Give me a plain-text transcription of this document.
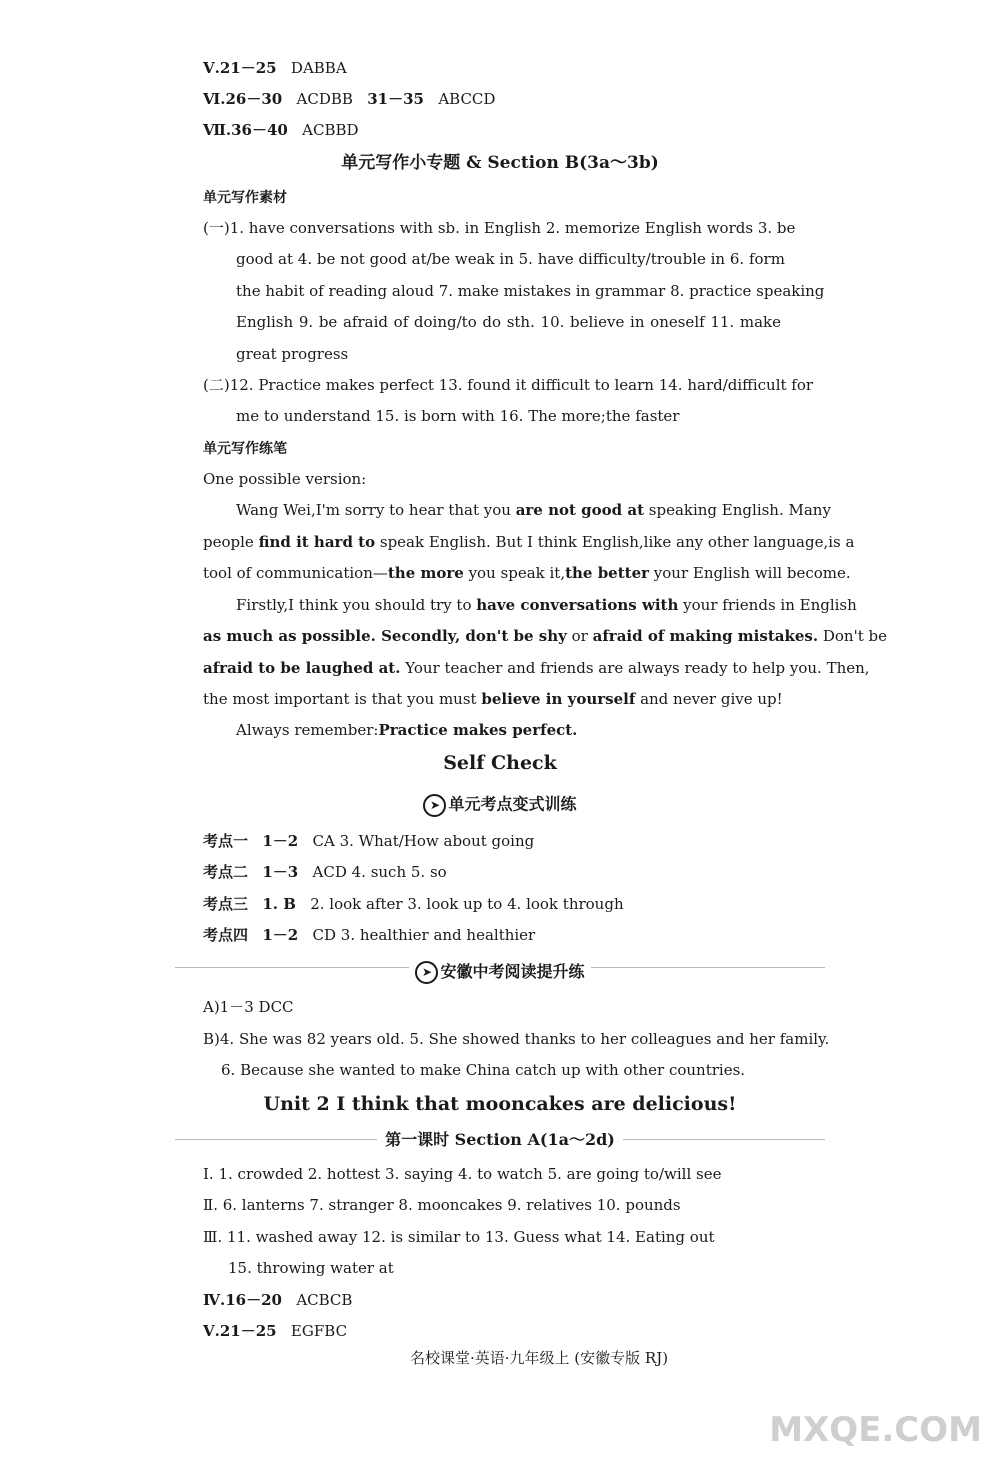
Ⅴ.21－25 DABBA
Ⅵ.26－30 ACDBB 31－35 ABCCD
Ⅶ.36－40 ACBBD
单元写作小专题 & Section B(3a～3b)
单元写作素材
(一)1. have conversations with sb. in English 2. memorize English words 3. be
good at 4. be not good at/be weak in 5. have difficulty/trouble in 6. form
the habit of reading aloud 7. make mistakes in grammar 8. practice speaking
English 9. be afraid of doing/to do sth. 10. believe in oneself 11. make
great progress
(二)12. Practice makes perfect 13. found it difficult to learn 14. hard/difficult for
me to understand 15. is born with 16. The more;the faster
单元写作练笔
One possible version:
Wang Wei,I'm sorry to hear that you are not good at speaking English. Many
people find it hard to speak English. But I think English,like any other language,is a
tool of communication—the more you speak it,the better your English will become.
Firstly,I think you should try to have conversations with your friends in English
as much as possible. Secondly, don't be shy or afraid of making mistakes. Don't be
afraid to be laughed at. Your teacher and friends are always ready to help you. Then,
the most important is that you must believe in yourself and never give up!
Always remember:Practice makes perfect.
Self Check
➤ 单元考点变式训练
考点一 1－2 CA 3. What/How about going
考点二 1－3 ACD 4. such 5. so
考点三 1. B 2. look after 3. look up to 4. look through
考点四 1－2 CD 3. healthier and healthier
➤ 安徽中考阅读提升练
A)1－3 DCC
B)4. She was 82 years old. 5. She showed thanks to her colleagues and her family.
6. Because she wanted to make China catch up with other countries.
Unit 2 I think that mooncakes are delicious!
第一课时 Section A(1a～2d)
Ⅰ. 1. crowded 2. hottest 3. saying 4. to watch 5. are going to/will see
Ⅱ. 6. lanterns 7. stranger 8. mooncakes 9. relatives 10. pounds
Ⅲ. 11. washed away 12. is similar to 13. Guess what 14. Eating out
15. throwing water at
Ⅳ.16－20 ACBCB
Ⅴ.21－25 EGFBC
名校课堂·英语·九年级上 (安徽专版 RJ)
MXQE.COM
